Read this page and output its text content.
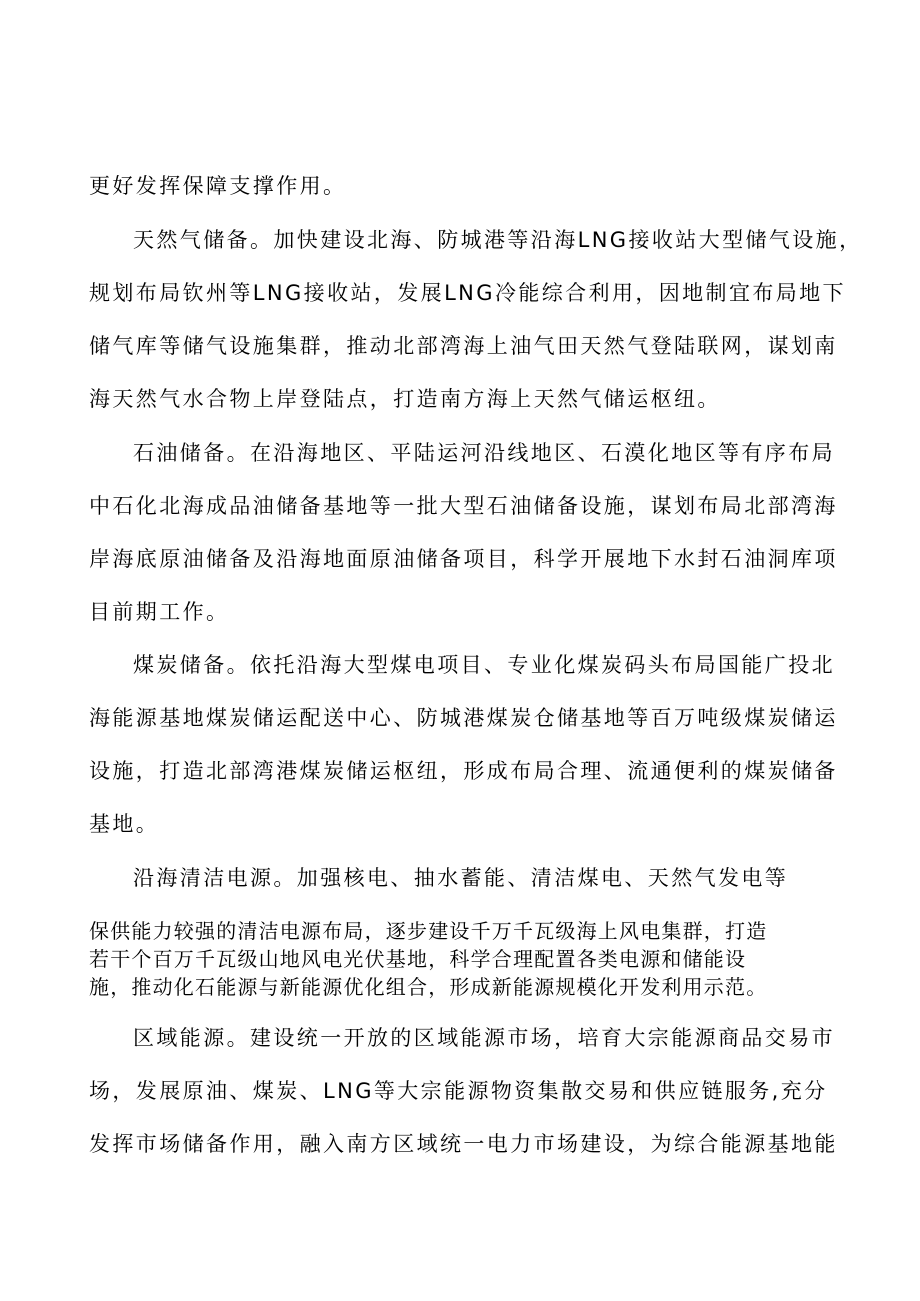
更好发挥保障支撑作用。
天然气储备。加快建设北海、防城港等沿海LNG接收站大型储气设施，
规划布局钦州等LNG接收站，发展LNG冷能综合利用，因地制宜布局地下
储气库等储气设施集群，推动北部湾海上油气田天然气登陆联网，谋划南
海天然气水合物上岸登陆点，打造南方海上天然气储运枢纽。
石油储备。在沿海地区、平陆运河沿线地区、石漠化地区等有序布局
中石化北海成品油储备基地等一批大型石油储备设施，谋划布局北部湾海
岸海底原油储备及沿海地面原油储备项目，科学开展地下水封石油洞库项
目前期工作。
煤炭储备。依托沿海大型煤电项目、专业化煤炭码头布局国能广投北
海能源基地煤炭储运配送中心、防城港煤炭仓储基地等百万吨级煤炭储运
设施，打造北部湾港煤炭储运枢纽，形成布局合理、流通便利的煤炭储备
基地。
沿海清洁电源。加强核电、抽水蓄能、清洁煤电、天然气发电等
保供能力较强的清洁电源布局，逐步建设千万千瓦级海上风电集群，打造
若干个百万千瓦级山地风电光伏基地，科学合理配置各类电源和储能设
施，推动化石能源与新能源优化组合，形成新能源规模化开发利用示范。
区域能源。建设统一开放的区域能源市场，培育大宗能源商品交易市
场，发展原油、煤炭、LNG等大宗能源物资集散交易和供应链服务,充分
发挥市场储备作用，融入南方区域统一电力市场建设，为综合能源基地能
